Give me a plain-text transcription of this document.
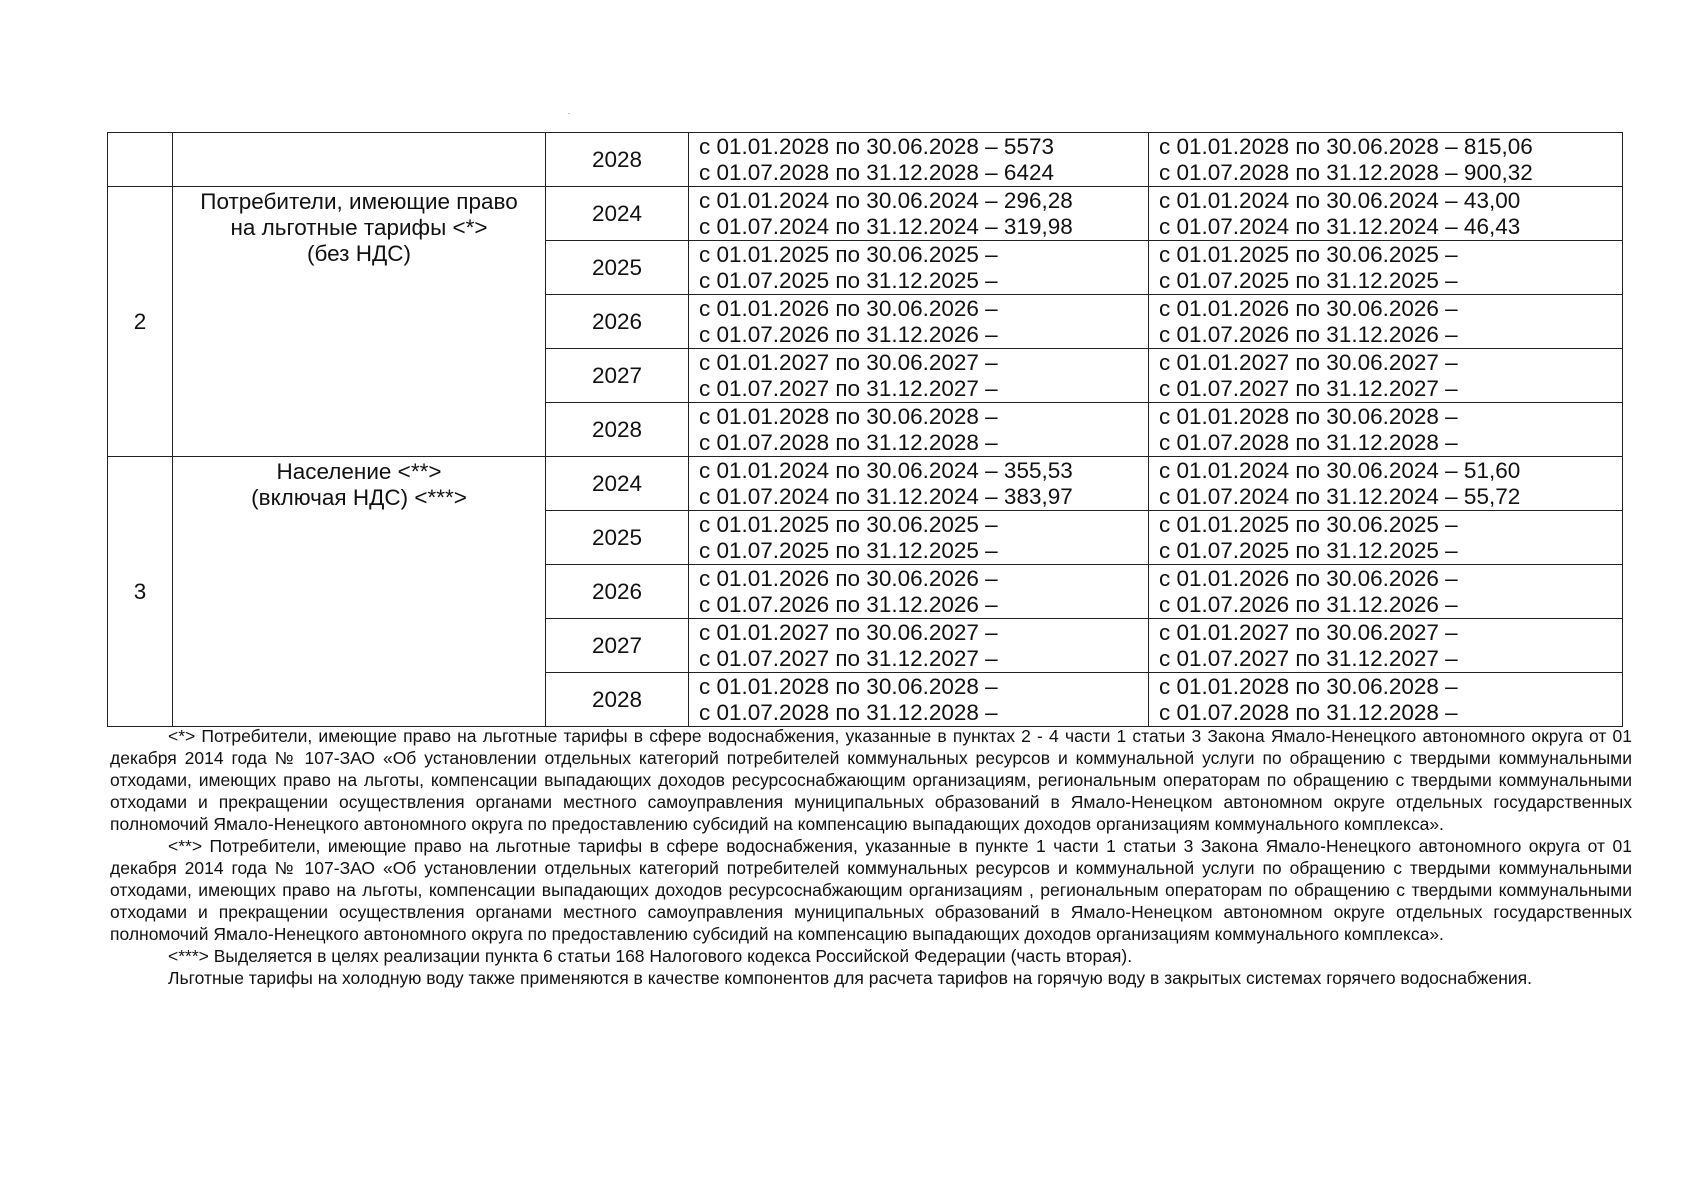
		2028	с 01.01.2028 по 30.06.2028 – 5573
с 01.07.2028 по 31.12.2028 – 6424	с 01.01.2028 по 30.06.2028 – 815,06
с 01.07.2028 по 31.12.2028 – 900,32

2	Потребители, имеющие право
на льготные тарифы <*>
(без НДС)	2024	с 01.01.2024 по 30.06.2024 – 296,28
с 01.07.2024 по 31.12.2024 – 319,98	с 01.01.2024 по 30.06.2024 – 43,00
с 01.07.2024 по 31.12.2024 – 46,43

		2025	с 01.01.2025 по 30.06.2025 –
с 01.07.2025 по 31.12.2025 –	с 01.01.2025 по 30.06.2025 –
с 01.07.2025 по 31.12.2025 –

		2026	с 01.01.2026 по 30.06.2026 –
с 01.07.2026 по 31.12.2026 –	с 01.01.2026 по 30.06.2026 –
с 01.07.2026 по 31.12.2026 –

		2027	с 01.01.2027 по 30.06.2027 –
с 01.07.2027 по 31.12.2027 –	с 01.01.2027 по 30.06.2027 –
с 01.07.2027 по 31.12.2027 –

		2028	с 01.01.2028 по 30.06.2028 –
с 01.07.2028 по 31.12.2028 –	с 01.01.2028 по 30.06.2028 –
с 01.07.2028 по 31.12.2028 –

3	Население <**>
(включая НДС) <***>	2024	с 01.01.2024 по 30.06.2024 – 355,53
с 01.07.2024 по 31.12.2024 – 383,97	с 01.01.2024 по 30.06.2024 – 51,60
с 01.07.2024 по 31.12.2024 – 55,72

		2025	с 01.01.2025 по 30.06.2025 –
с 01.07.2025 по 31.12.2025 –	с 01.01.2025 по 30.06.2025 –
с 01.07.2025 по 31.12.2025 –

		2026	с 01.01.2026 по 30.06.2026 –
с 01.07.2026 по 31.12.2026 –	с 01.01.2026 по 30.06.2026 –
с 01.07.2026 по 31.12.2026 –

		2027	с 01.01.2027 по 30.06.2027 –
с 01.07.2027 по 31.12.2027 –	с 01.01.2027 по 30.06.2027 –
с 01.07.2027 по 31.12.2027 –

		2028	с 01.01.2028 по 30.06.2028 –
с 01.07.2028 по 31.12.2028 –	с 01.01.2028 по 30.06.2028 –
с 01.07.2028 по 31.12.2028 –

<*> Потребители, имеющие право на льготные тарифы в сфере водоснабжения, указанные в пунктах 2 - 4 части 1 статьи 3 Закона Ямало-Ненецкого автономного округа от 01 декабря 2014 года № 107-ЗАО «Об установлении отдельных категорий потребителей коммунальных ресурсов и коммунальной услуги по обращению с твердыми коммунальными отходами, имеющих право на льготы, компенсации выпадающих доходов ресурсоснабжающим организациям, региональным операторам по обращению с твердыми коммунальными отходами и прекращении осуществления органами местного самоуправления муниципальных образований в Ямало-Ненецком автономном округе отдельных государственных полномочий Ямало-Ненецкого автономного округа по предоставлению субсидий на компенсацию выпадающих доходов организациям коммунального комплекса».

<**> Потребители, имеющие право на льготные тарифы в сфере водоснабжения, указанные в пункте 1 части 1 статьи 3 Закона Ямало-Ненецкого автономного округа от 01 декабря 2014 года № 107-ЗАО «Об установлении отдельных категорий потребителей коммунальных ресурсов и коммунальной услуги по обращению с твердыми коммунальными отходами, имеющих право на льготы, компенсации выпадающих доходов ресурсоснабжающим организациям , региональным операторам по обращению с твердыми коммунальными отходами и прекращении осуществления органами местного самоуправления муниципальных образований в Ямало-Ненецком автономном округе отдельных государственных полномочий Ямало-Ненецкого автономного округа по предоставлению субсидий на компенсацию выпадающих доходов организациям коммунального комплекса».

<***> Выделяется в целях реализации пункта 6 статьи 168 Налогового кодекса Российской Федерации (часть вторая).

Льготные тарифы на холодную воду также применяются в качестве компонентов для расчета тарифов на горячую воду в закрытых системах горячего водоснабжения.
